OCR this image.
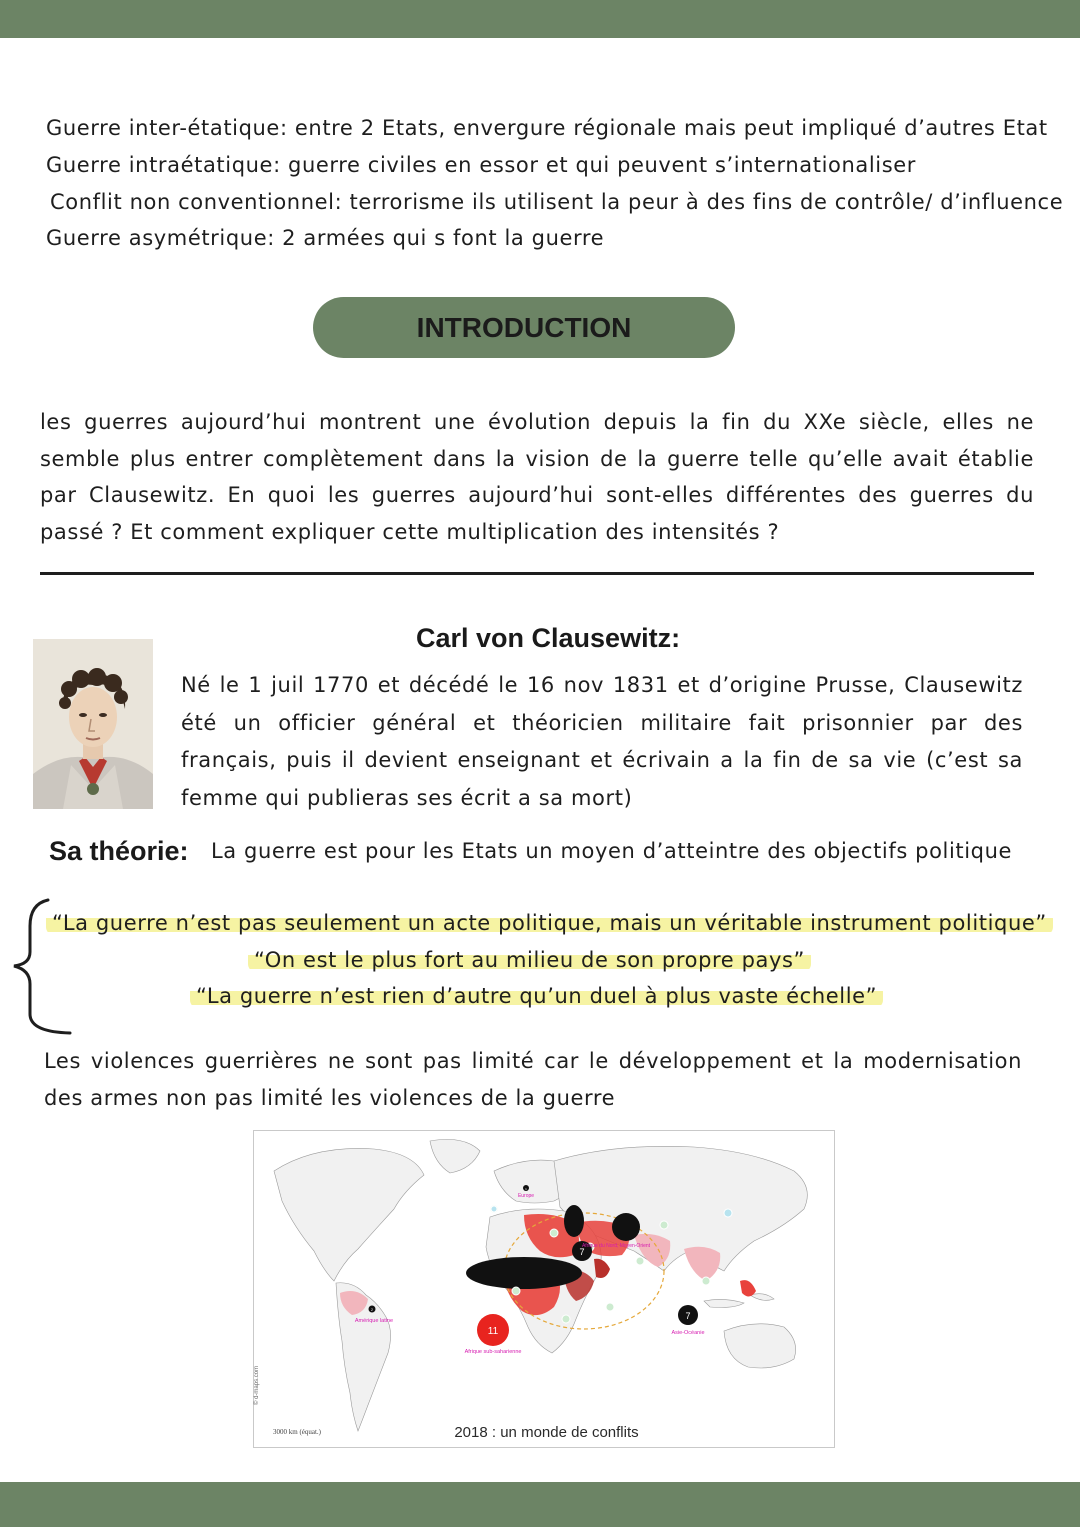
Guerre inter-étatique: entre 2 Etats, envergure régionale mais peut impliqué d’autres Etat
Guerre intraétatique: guerre civiles en essor et qui peuvent s’internationaliser
Conflit non conventionnel: terrorisme ils utilisent la peur à des fins de contrôle/ d’influence
Guerre asymétrique: 2 armées qui s font la guerre
INTRODUCTION
les guerres aujourd’hui montrent une évolution depuis la fin du XXe siècle, elles ne semble plus entrer complètement dans la vision de la guerre telle qu’elle avait établie par Clausewitz. En quoi les guerres aujourd’hui sont-elles différentes des guerres du passé ? Et comment expliquer cette multiplication des intensités ?
Carl von Clausewitz:
Né le 1 juil 1770 et décédé le 16 nov 1831 et d’origine Prusse, Clausewitz été un officier général et théoricien militaire fait prisonnier par des français, puis il devient enseignant et écrivain a la fin de sa vie (c’est sa femme qui publieras ses écrit a sa mort)
Sa théorie: La guerre est pour les Etats un moyen d’atteintre des objectifs politique
“La guerre n’est pas seulement un acte politique, mais un véritable instrument politique”
“On est le plus fort au milieu de son propre pays”
“La guerre n’est rien d’autre qu’un duel à plus vaste échelle”
Les violences guerrières ne sont pas limité car le développement et la modernisation des armes non pas limité les violences de la guerre
11
Afrique sub-saharienne
7
Afrique du Nord, Moyen-Orient
7
Asie-Océanie
2
Amérique latine
1
Europe
© d-maps.com
3000 km (équat.)	2018 : un monde de conflits
